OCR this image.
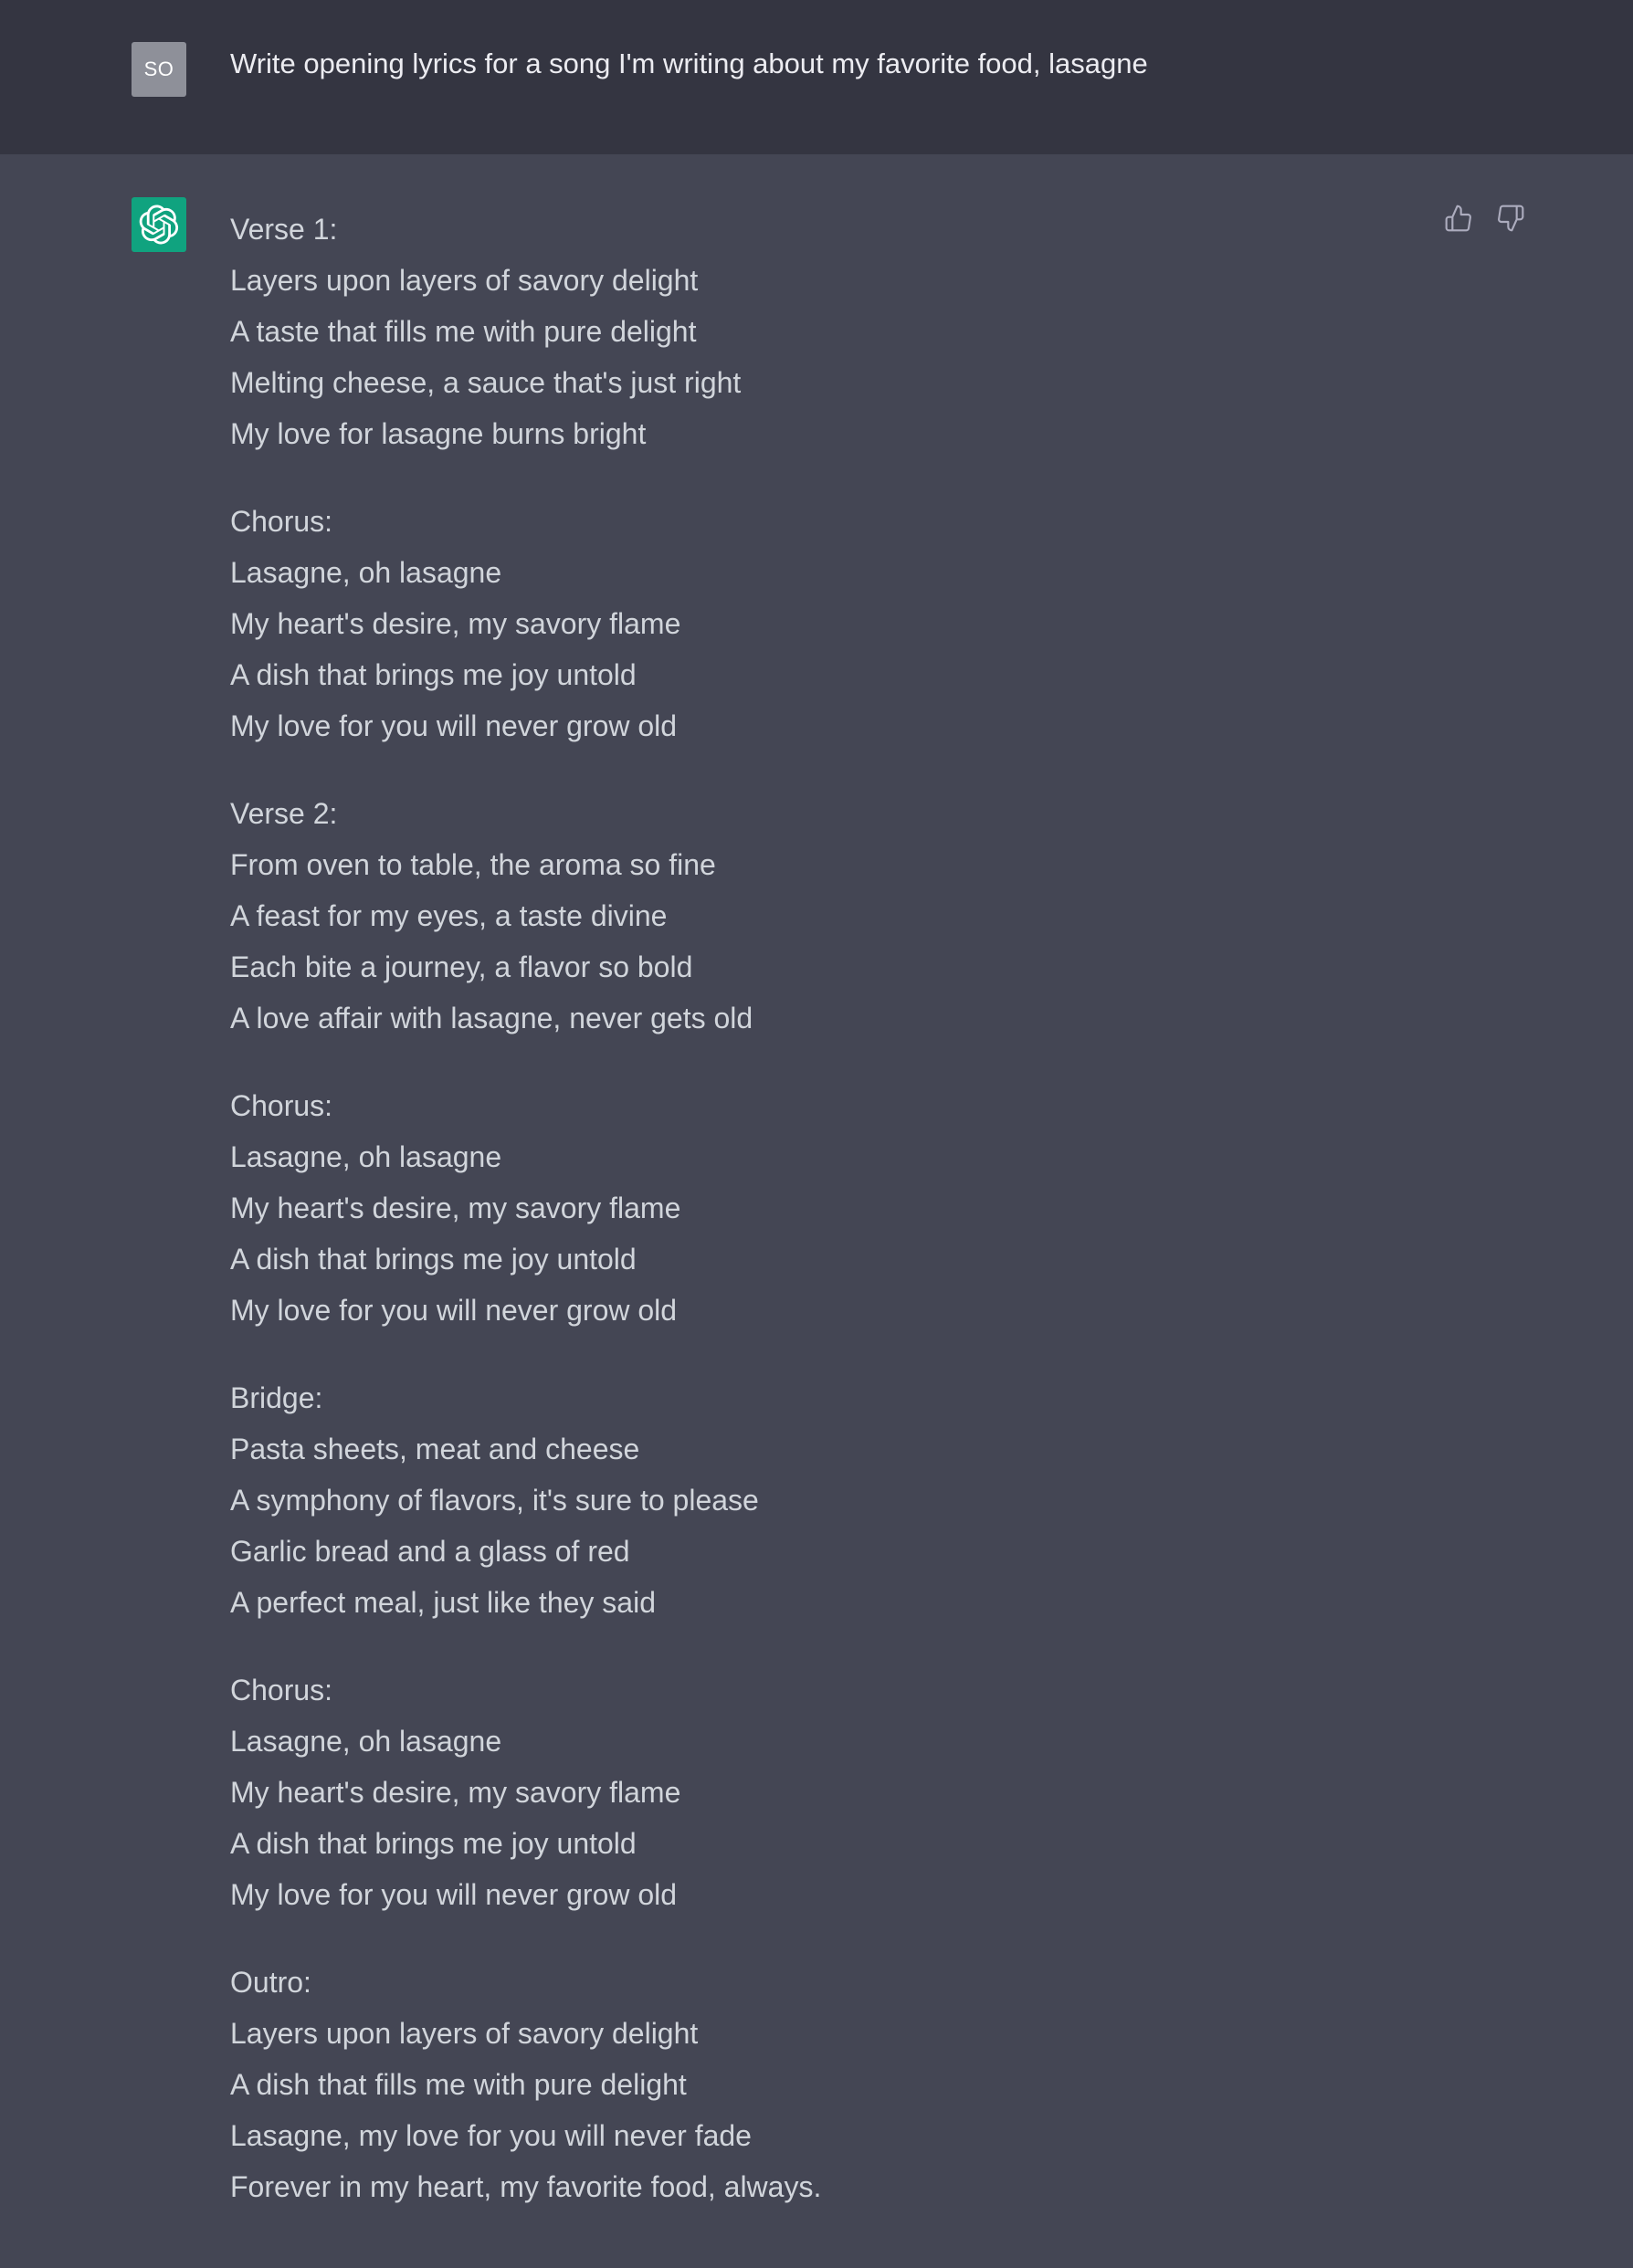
SO Write opening lyrics for a song I'm writing about my favorite food, lasagne
Verse 1:
Layers upon layers of savory delight
A taste that fills me with pure delight
Melting cheese, a sauce that's just right
My love for lasagne burns bright
Chorus:
Lasagne, oh lasagne
My heart's desire, my savory flame
A dish that brings me joy untold
My love for you will never grow old
Verse 2:
From oven to table, the aroma so fine
A feast for my eyes, a taste divine
Each bite a journey, a flavor so bold
A love affair with lasagne, never gets old
Chorus:
Lasagne, oh lasagne
My heart's desire, my savory flame
A dish that brings me joy untold
My love for you will never grow old
Bridge:
Pasta sheets, meat and cheese
A symphony of flavors, it's sure to please
Garlic bread and a glass of red
A perfect meal, just like they said
Chorus:
Lasagne, oh lasagne
My heart's desire, my savory flame
A dish that brings me joy untold
My love for you will never grow old
Outro:
Layers upon layers of savory delight
A dish that fills me with pure delight
Lasagne, my love for you will never fade
Forever in my heart, my favorite food, always.
